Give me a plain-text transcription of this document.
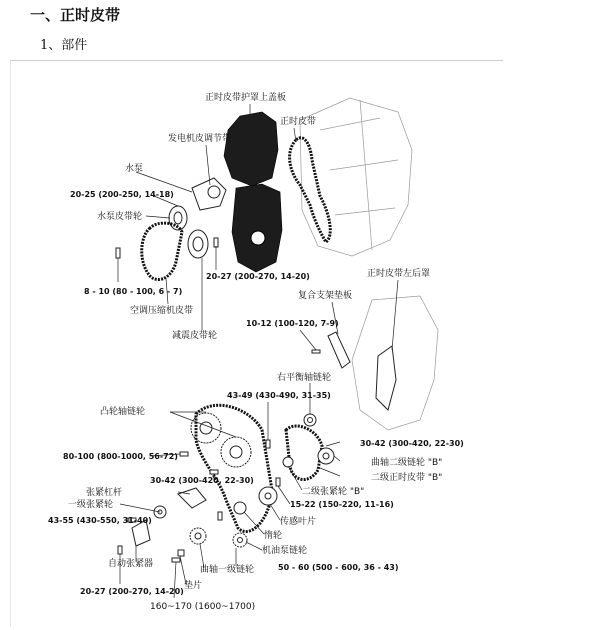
一、正时皮带
1、部件
正时皮带护罩上盖板
正时皮带
发电机皮调节带
水泵
20-25 (200-250, 14-18)
水泵皮带轮
8 - 10 (80 - 100, 6 - 7)
空调压缩机皮带
减震皮带轮
20-27 (200-270, 14-20)	正时皮带左后罩
复合支架垫板
10-12 (100-120, 7-9)
右平衡轴链轮
43-49 (430-490, 31-35)
凸轮轴链轮
80-100 (800-1000, 56-72)
30-42 (300-420, 22-30)
曲轴二级链轮 "B"
二级正时皮带 "B"
30-42 (300-420, 22-30)
张紧杠杆
一级张紧轮
二级张紧轮 "B"
15-22 (150-220, 11-16)
43-55 (430-550, 31-40)	传感叶片
惰轮
机油泵链轮
自动张紧器	50 - 60 (500 - 600, 36 - 43)
曲轴一级链轮
垫片
20-27 (200-270, 14-20)
160~170 (1600~1700)
